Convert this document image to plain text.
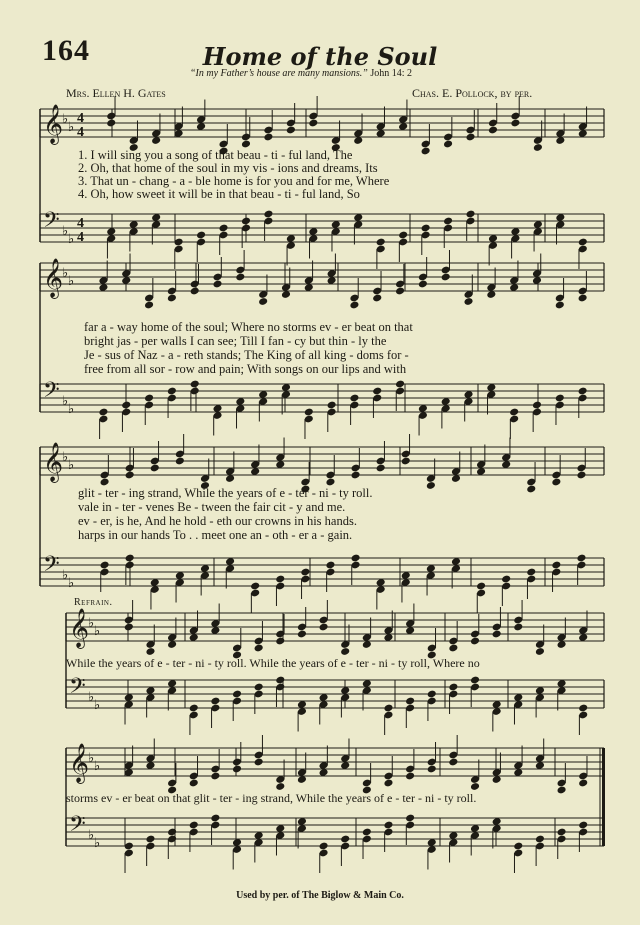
164	Home of the Soul
“In my Father’s house are many mansions.” John 14: 2
Mrs. Ellen H. Gates	Chas. E. Pollock, by per.
𝄞
♭
♭
4
4
𝄢 ♭
♭
4
4
𝄞
♭
♭
𝄢 ♭
♭
𝄞
♭
♭
𝄢 ♭
♭
𝄞
♭
♭
𝄢 ♭
♭
𝄞
♭
♭
𝄢 ♭
♭
1. I will sing you a song of that beau - ti - ful land, The
2. Oh, that home of the soul in my vis - ions and dreams, Its
3. That un - chang - a - ble home is for you and for me, Where
4. Oh, how sweet it will be in that beau - ti - ful land, So
far a - way home of the soul; Where no storms ev - er beat on that
bright jas - per walls I can see; Till I fan - cy but thin - ly the
Je - sus of Naz - a - reth stands; The King of all king - doms for -
free from all sor - row and pain; With songs on our lips and with
glit - ter - ing strand, While the years of e - ter - ni - ty roll.
vale in - ter - venes Be - tween the fair cit - y and me.
ev - er, is he, And he hold - eth our crowns in his hands.
harps in our hands To . . meet one an - oth - er a - gain.
Refrain.
While the years of e - ter - ni - ty roll. While the years of e - ter - ni - ty roll, Where no
storms ev - er beat on that glit - ter - ing strand, While the years of e - ter - ni - ty roll.
Used by per. of The Biglow & Main Co.
